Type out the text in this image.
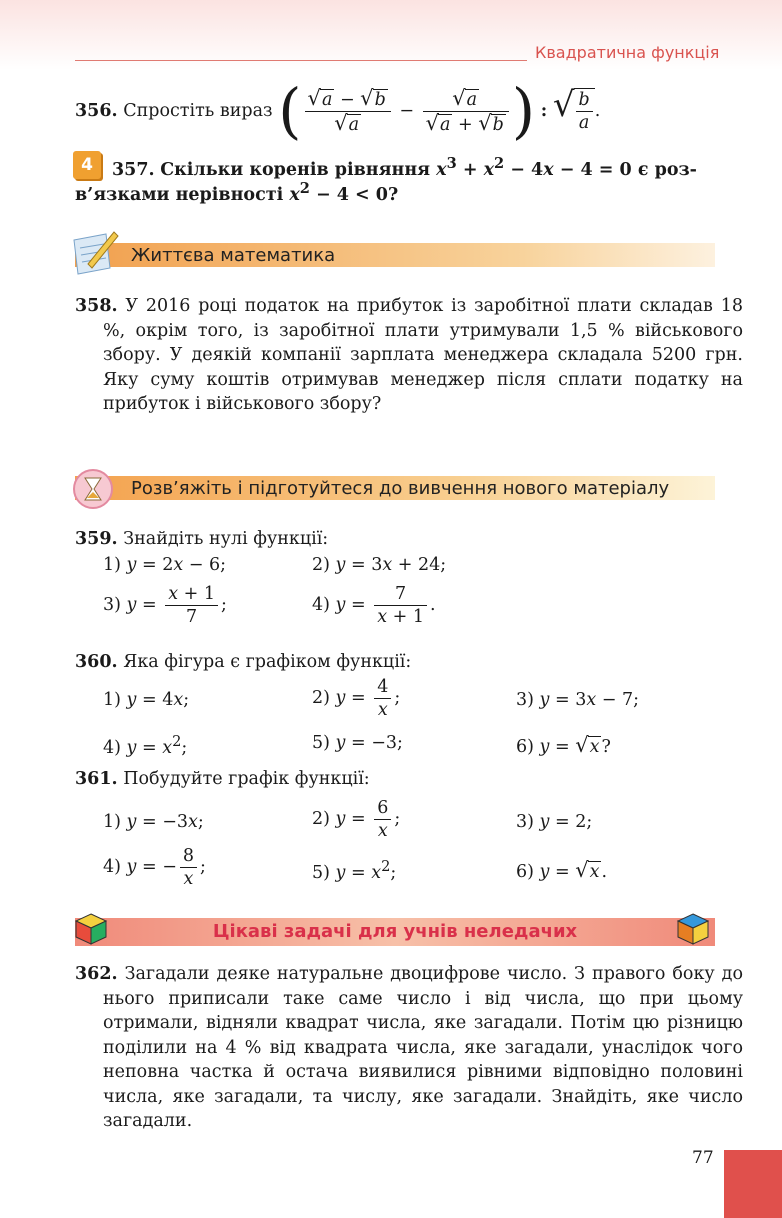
Квадратична функція
356. Спростіть вираз ( $\frac{√a - √b}{√a} - \frac{√a}{√a + √b}$ ) : √ $\frac{b}{a}$ .
4	357. Скільки коренів рівняння $x^3 + x^2 - 4x - 4 = 0$ є роз-
в’язками нерівності $x^2 - 4 < 0$?
Життєва математика
358. У 2016 році податок на прибуток із заробітної плати складав 18 %, окрім того, із заробітної плати утримували 1,5 % військового збору. У деякій компанії зарплата менеджера складала 5200 грн. Яку суму коштів отримував менеджер після сплати податку на прибуток і військового збору?
Розв’яжіть і підготуйтеся до вивчення нового матеріалу
359. Знайдіть нулі функції:
1) y = 2x − 6;	2) y = 3x + 24;
3) $y = \frac{x + 1}{7}$ ;	4) $y = \frac{7}{x + 1}$ .
360. Яка фігура є графіком функції:
1) y = 4x;	2) $y = \frac{4}{x}$ ;	3) y = 3x − 7;
4) $y = x^2$;	5) y = −3;	6) y = √x ?
361. Побудуйте графік функції:
1) y = −3x;	2) $y = \frac{6}{x}$ ;	3) y = 2;
4) y = − $\frac{8}{x}$ ;	5) $y = x^2$;	6) y = √x .
Цікаві задачі для учнів неледачих
362. Загадали деяке натуральне двоцифрове число. З правого боку до нього приписали таке саме число і від числа, що при цьому отримали, відняли квадрат числа, яке загадали. Потім цю різницю поділили на 4 % від квадрата числа, яке загадали, унаслідок чого неповна частка й остача виявилися рівними відповідно половині числа, яке загадали, та числу, яке загадали. Знайдіть, яке число загадали.
77
